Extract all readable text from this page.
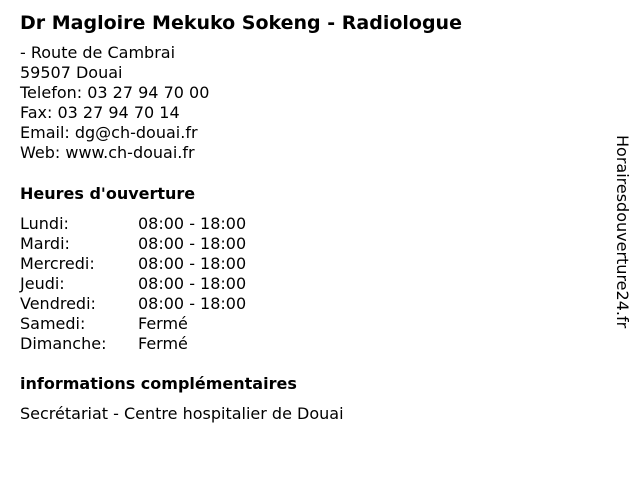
Dr Magloire Mekuko Sokeng - Radiologue
- Route de Cambrai
59507 Douai
Telefon: 03 27 94 70 00
Fax: 03 27 94 70 14
Email: dg@ch-douai.fr
Web: www.ch-douai.fr
Heures d'ouverture
Lundi:	08:00 - 18:00
Mardi:	08:00 - 18:00
Mercredi:	08:00 - 18:00
Jeudi:	08:00 - 18:00
Vendredi:	08:00 - 18:00
Samedi:	Fermé
Dimanche: Fermé
informations complémentaires
Secrétariat - Centre hospitalier de Douai
Horairesdouverture24.fr
